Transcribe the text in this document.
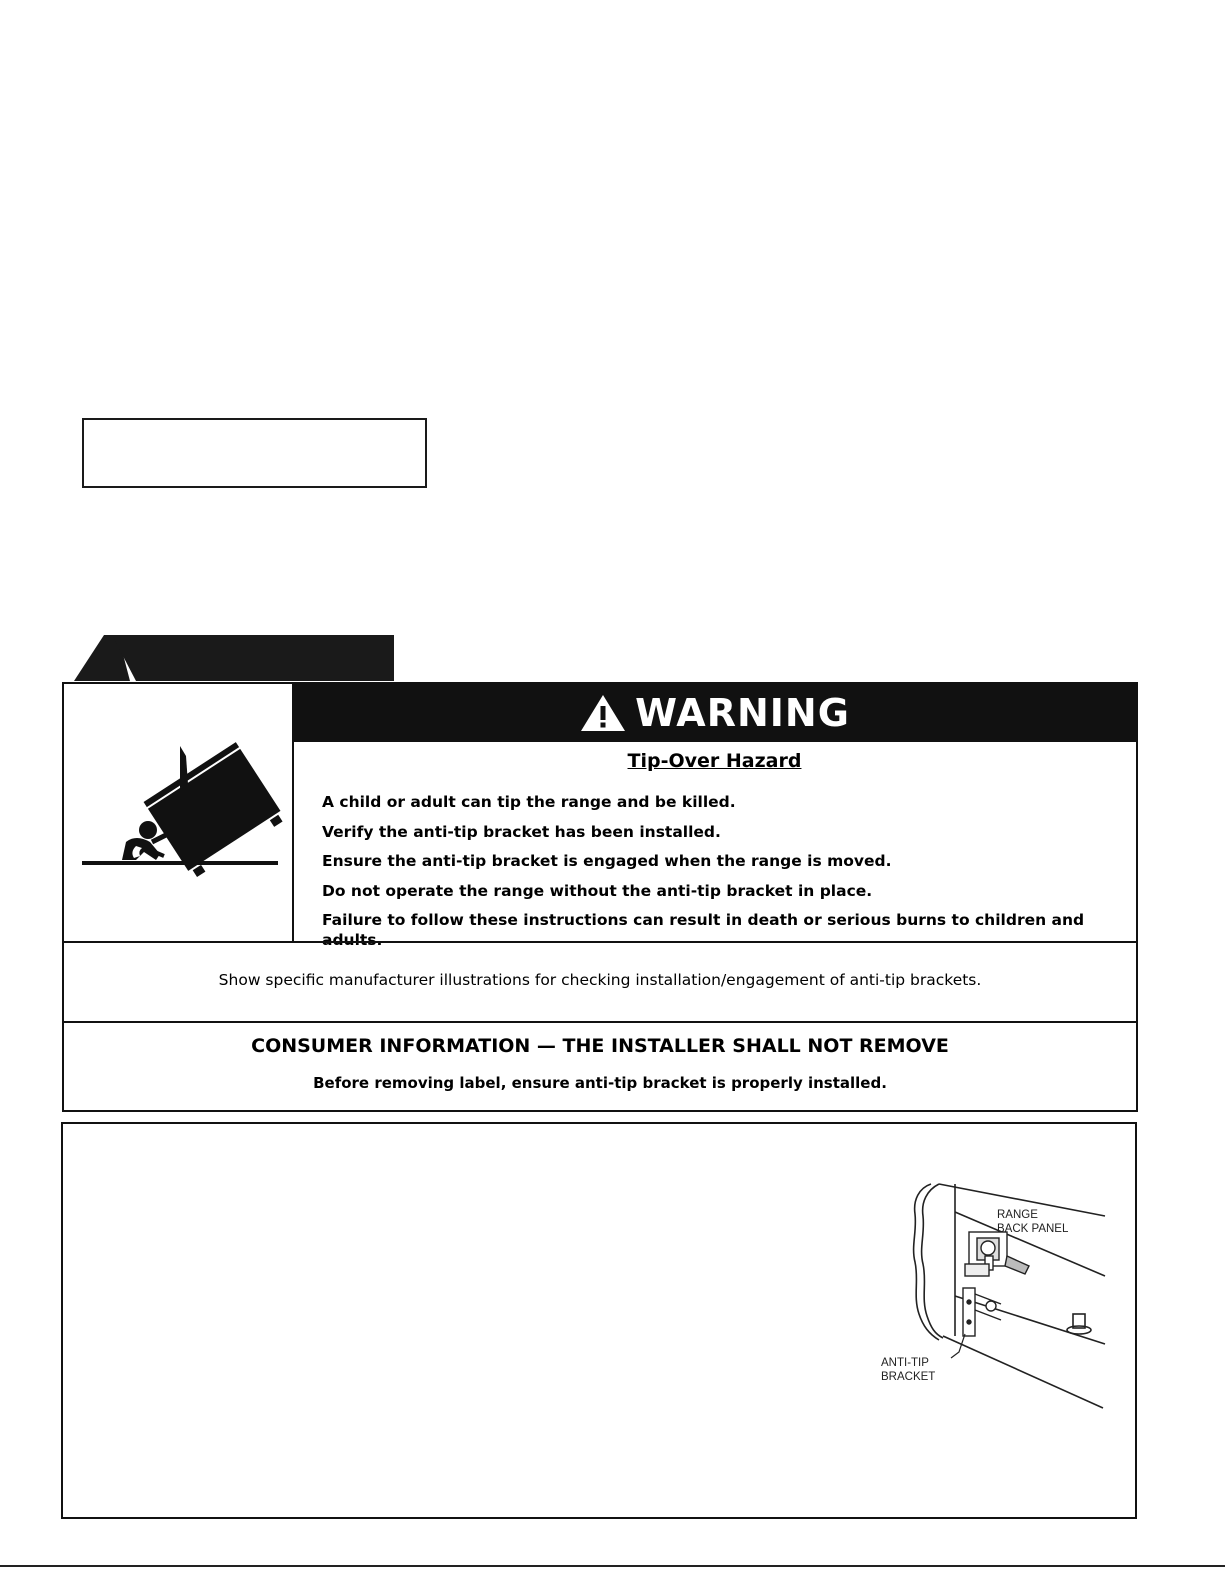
WARNING
Tip-Over Hazard
A child or adult can tip the range and be killed.
Verify the anti-tip bracket has been installed.
Ensure the anti-tip bracket is engaged when the range is moved.
Do not operate the range without the anti-tip bracket in place.
Failure to follow these instructions can result in death or serious burns to children and adults.
Show specific manufacturer illustrations for checking installation/engagement of anti-tip brackets.
CONSUMER INFORMATION — THE INSTALLER SHALL NOT REMOVE
Before removing label, ensure anti-tip bracket is properly installed.
RANGE
BACK PANEL
ANTI-TIP
BRACKET
